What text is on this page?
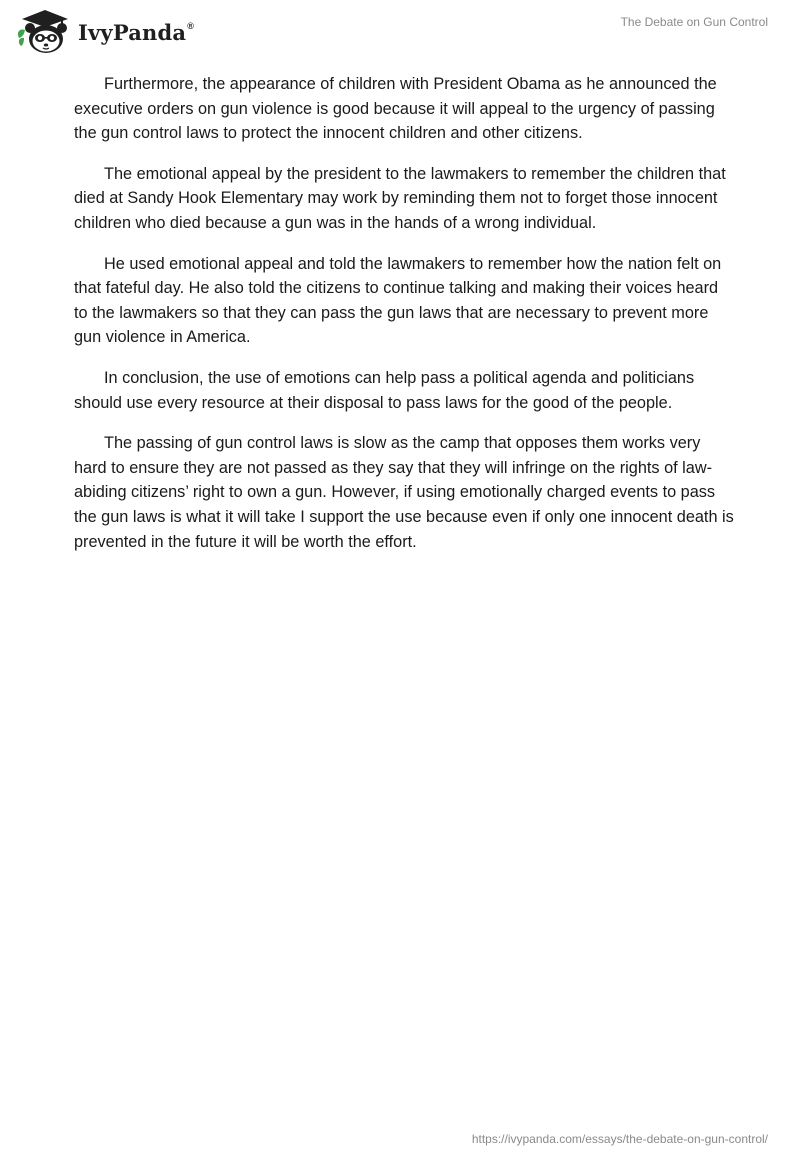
IvyPanda®	The Debate on Gun Control

Furthermore, the appearance of children with President Obama as he announced the executive orders on gun violence is good because it will appeal to the urgency of passing the gun control laws to protect the innocent children and other citizens.

The emotional appeal by the president to the lawmakers to remember the children that died at Sandy Hook Elementary may work by reminding them not to forget those innocent children who died because a gun was in the hands of a wrong individual.

He used emotional appeal and told the lawmakers to remember how the nation felt on that fateful day. He also told the citizens to continue talking and making their voices heard to the lawmakers so that they can pass the gun laws that are necessary to prevent more gun violence in America.

In conclusion, the use of emotions can help pass a political agenda and politicians should use every resource at their disposal to pass laws for the good of the people.

The passing of gun control laws is slow as the camp that opposes them works very hard to ensure they are not passed as they say that they will infringe on the rights of law-abiding citizens’ right to own a gun. However, if using emotionally charged events to pass the gun laws is what it will take I support the use because even if only one innocent death is prevented in the future it will be worth the effort.

https://ivypanda.com/essays/the-debate-on-gun-control/
